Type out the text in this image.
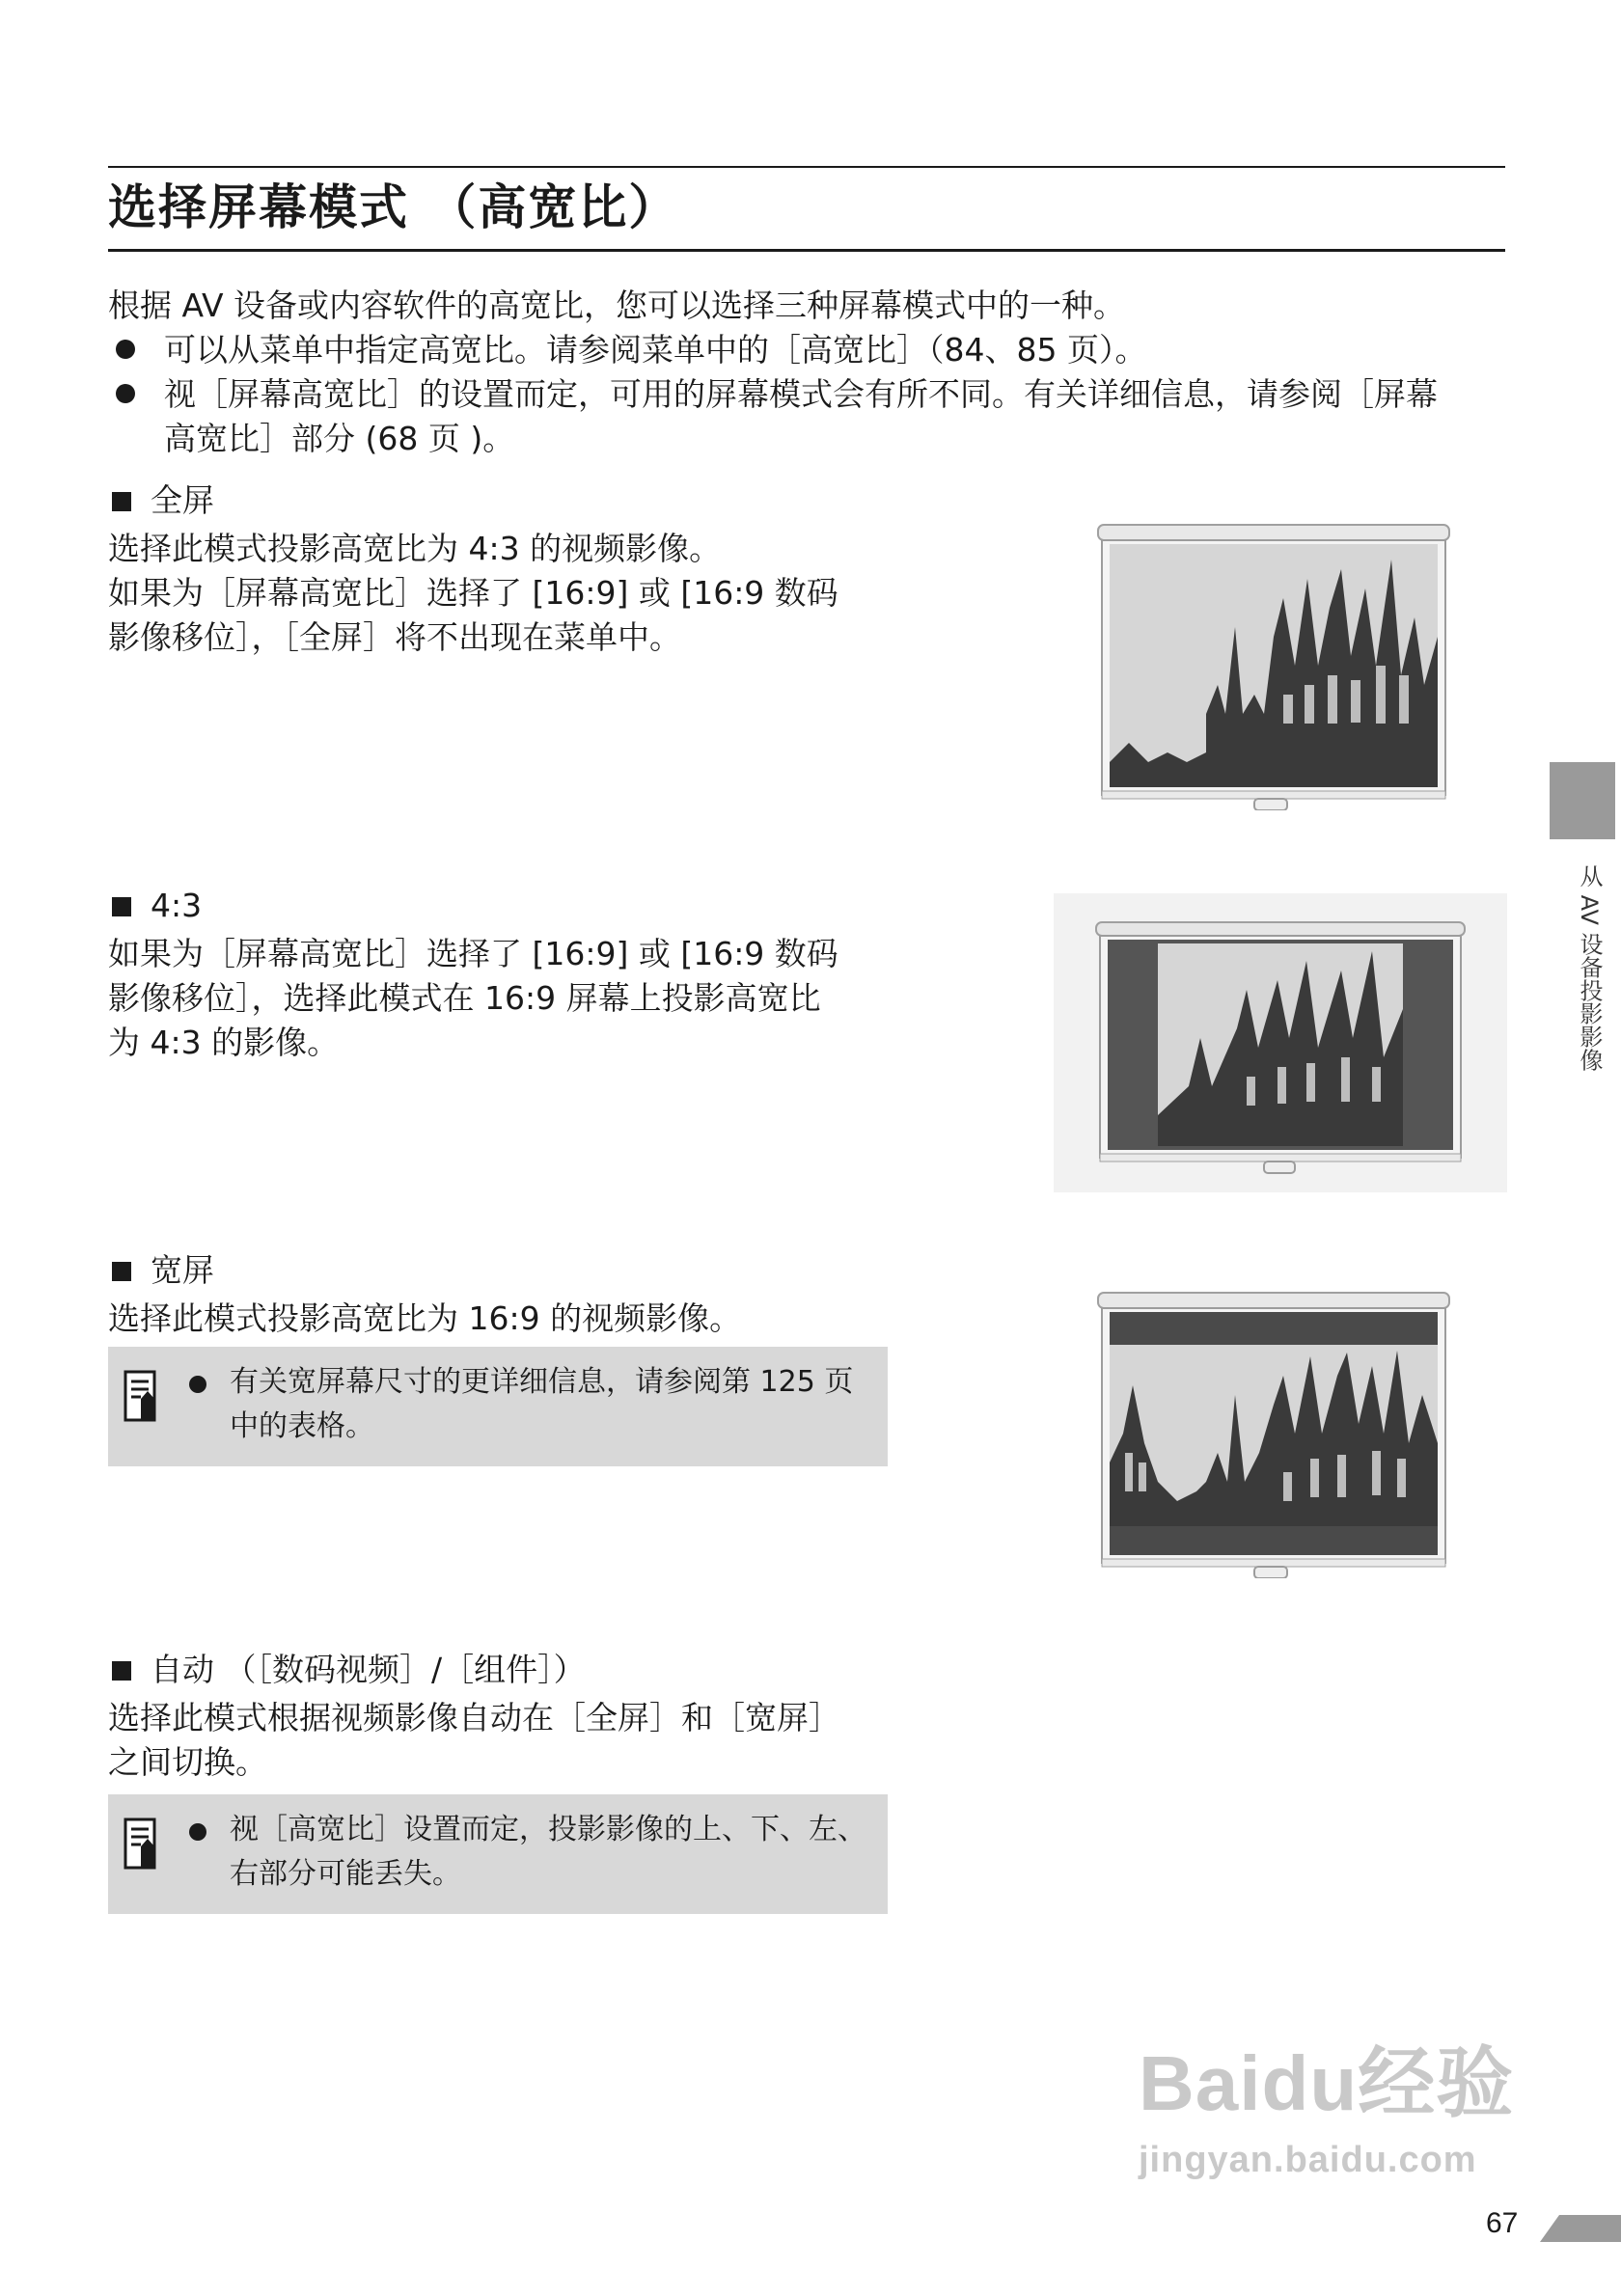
选择屏幕模式 （高宽比）
根据 AV 设备或内容软件的高宽比，您可以选择三种屏幕模式中的一种。
可以从菜单中指定高宽比。请参阅菜单中的［高宽比］（84、85 页）。
视［屏幕高宽比］的设置而定，可用的屏幕模式会有所不同。有关详细信息，请参阅［屏幕
高宽比］部分 (68 页 )。
全屏
选择此模式投影高宽比为 4:3 的视频影像。
如果为［屏幕高宽比］选择了 [16:9] 或 [16:9 数码
影像移位］，［全屏］将不出现在菜单中。
4:3
如果为［屏幕高宽比］选择了 [16:9] 或 [16:9 数码
影像移位］，选择此模式在 16:9 屏幕上投影高宽比
为 4:3 的影像。
宽屏
选择此模式投影高宽比为 16:9 的视频影像。
有关宽屏幕尺寸的更详细信息，请参阅第 125 页
中的表格。
自动 （［数码视频］/［组件］）
选择此模式根据视频影像自动在［全屏］和［宽屏］
之间切换。
视［高宽比］设置而定，投影影像的上、下、左、
右部分可能丢失。
从 AV 设备投影影像
Baidu经验
jingyan.baidu.com
67
